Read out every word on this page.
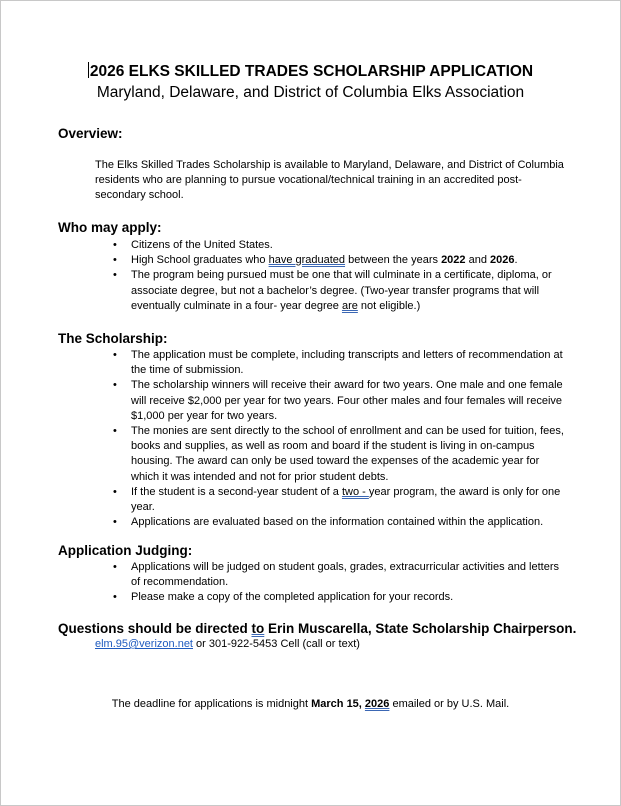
2026 ELKS SKILLED TRADES SCHOLARSHIP APPLICATION
Maryland, Delaware, and District of Columbia Elks Association
Overview:
The Elks Skilled Trades Scholarship is available to Maryland, Delaware, and District of Columbia residents who are planning to pursue vocational/technical training in an accredited post-secondary school.
Who may apply:
• Citizens of the United States.
• High School graduates who have graduated between the years 2022 and 2026.
• The program being pursued must be one that will culminate in a certificate, diploma, or associate degree, but not a bachelor’s degree. (Two-year transfer programs that will eventually culminate in a four- year degree are not eligible.)
The Scholarship:
• The application must be complete, including transcripts and letters of recommendation at the time of submission.
• The scholarship winners will receive their award for two years. One male and one female will receive $2,000 per year for two years. Four other males and four females will receive $1,000 per year for two years.
• The monies are sent directly to the school of enrollment and can be used for tuition, fees, books and supplies, as well as room and board if the student is living in on-campus housing. The award can only be used toward the expenses of the academic year for which it was intended and not for prior student debts.
• If the student is a second-year student of a two - year program, the award is only for one year.
• Applications are evaluated based on the information contained within the application.
Application Judging:
• Applications will be judged on student goals, grades, extracurricular activities and letters of recommendation.
• Please make a copy of the completed application for your records.
Questions should be directed to Erin Muscarella, State Scholarship Chairperson.
elm.95@verizon.net or 301-922-5453 Cell (call or text)
The deadline for applications is midnight March 15, 2026 emailed or by U.S. Mail.
